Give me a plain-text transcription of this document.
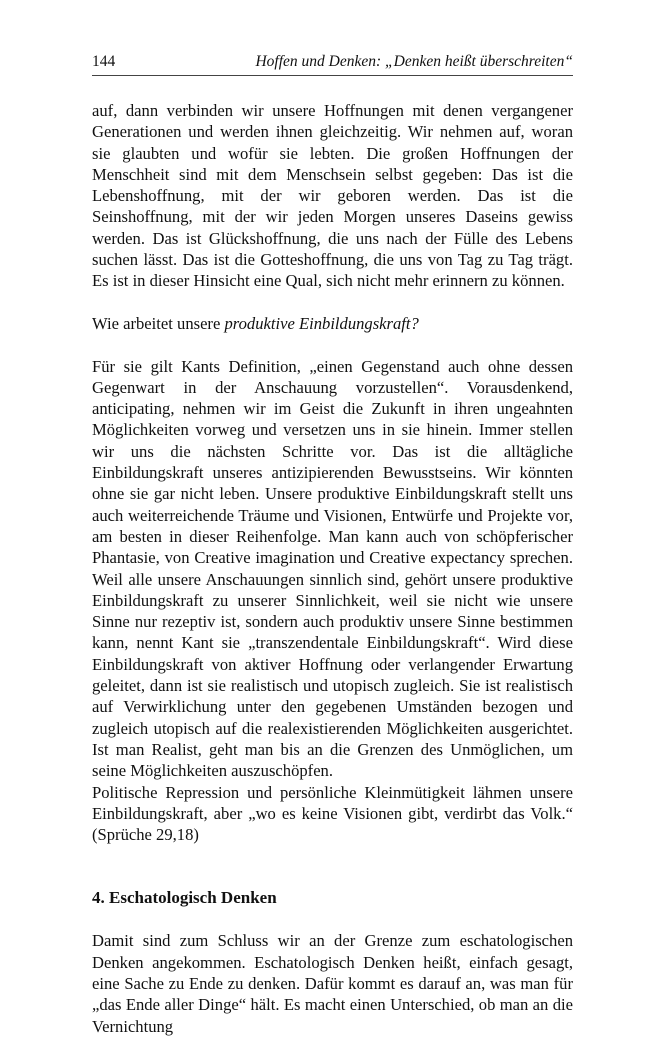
144	Hoffen und Denken: „Denken heißt überschreiten“

auf, dann verbinden wir unsere Hoffnungen mit denen vergangener Generationen und werden ihnen gleichzeitig. Wir nehmen auf, woran sie glaubten und wofür sie lebten. Die großen Hoffnungen der Menschheit sind mit dem Menschsein selbst gegeben: Das ist die Lebenshoffnung, mit der wir geboren werden. Das ist die Seinshoffnung, mit der wir jeden Morgen unseres Daseins gewiss werden. Das ist Glückshoffnung, die uns nach der Fülle des Lebens suchen lässt. Das ist die Gotteshoffnung, die uns von Tag zu Tag trägt. Es ist in dieser Hinsicht eine Qual, sich nicht mehr erinnern zu können.

Wie arbeitet unsere produktive Einbildungskraft?

Für sie gilt Kants Definition, „einen Gegenstand auch ohne dessen Gegenwart in der Anschauung vorzustellen“. Vorausdenkend, anticipating, nehmen wir im Geist die Zukunft in ihren ungeahnten Möglichkeiten vorweg und versetzen uns in sie hinein. Immer stellen wir uns die nächsten Schritte vor. Das ist die alltägliche Einbildungskraft unseres antizipierenden Bewusstseins. Wir könnten ohne sie gar nicht leben. Unsere produktive Einbildungskraft stellt uns auch weiterreichende Träume und Visionen, Entwürfe und Projekte vor, am besten in dieser Reihenfolge. Man kann auch von schöpferischer Phantasie, von Creative imagination und Creative expectancy sprechen. Weil alle unsere Anschauungen sinnlich sind, gehört unsere produktive Einbildungskraft zu unserer Sinnlichkeit, weil sie nicht wie unsere Sinne nur rezeptiv ist, sondern auch produktiv unsere Sinne bestimmen kann, nennt Kant sie „transzendentale Einbildungskraft“. Wird diese Einbildungskraft von aktiver Hoffnung oder verlangender Erwartung geleitet, dann ist sie realistisch und utopisch zugleich. Sie ist realistisch auf Verwirklichung unter den gegebenen Umständen bezogen und zugleich utopisch auf die realexistierenden Möglichkeiten ausgerichtet. Ist man Realist, geht man bis an die Grenzen des Unmöglichen, um seine Möglichkeiten auszuschöpfen.

Politische Repression und persönliche Kleinmütigkeit lähmen unsere Einbildungskraft, aber „wo es keine Visionen gibt, verdirbt das Volk.“ (Sprüche 29,18)

4. Eschatologisch Denken

Damit sind zum Schluss wir an der Grenze zum eschatologischen Denken angekommen. Eschatologisch Denken heißt, einfach gesagt, eine Sache zu Ende zu denken. Dafür kommt es darauf an, was man für „das Ende aller Dinge“ hält. Es macht einen Unterschied, ob man an die Vernichtung
